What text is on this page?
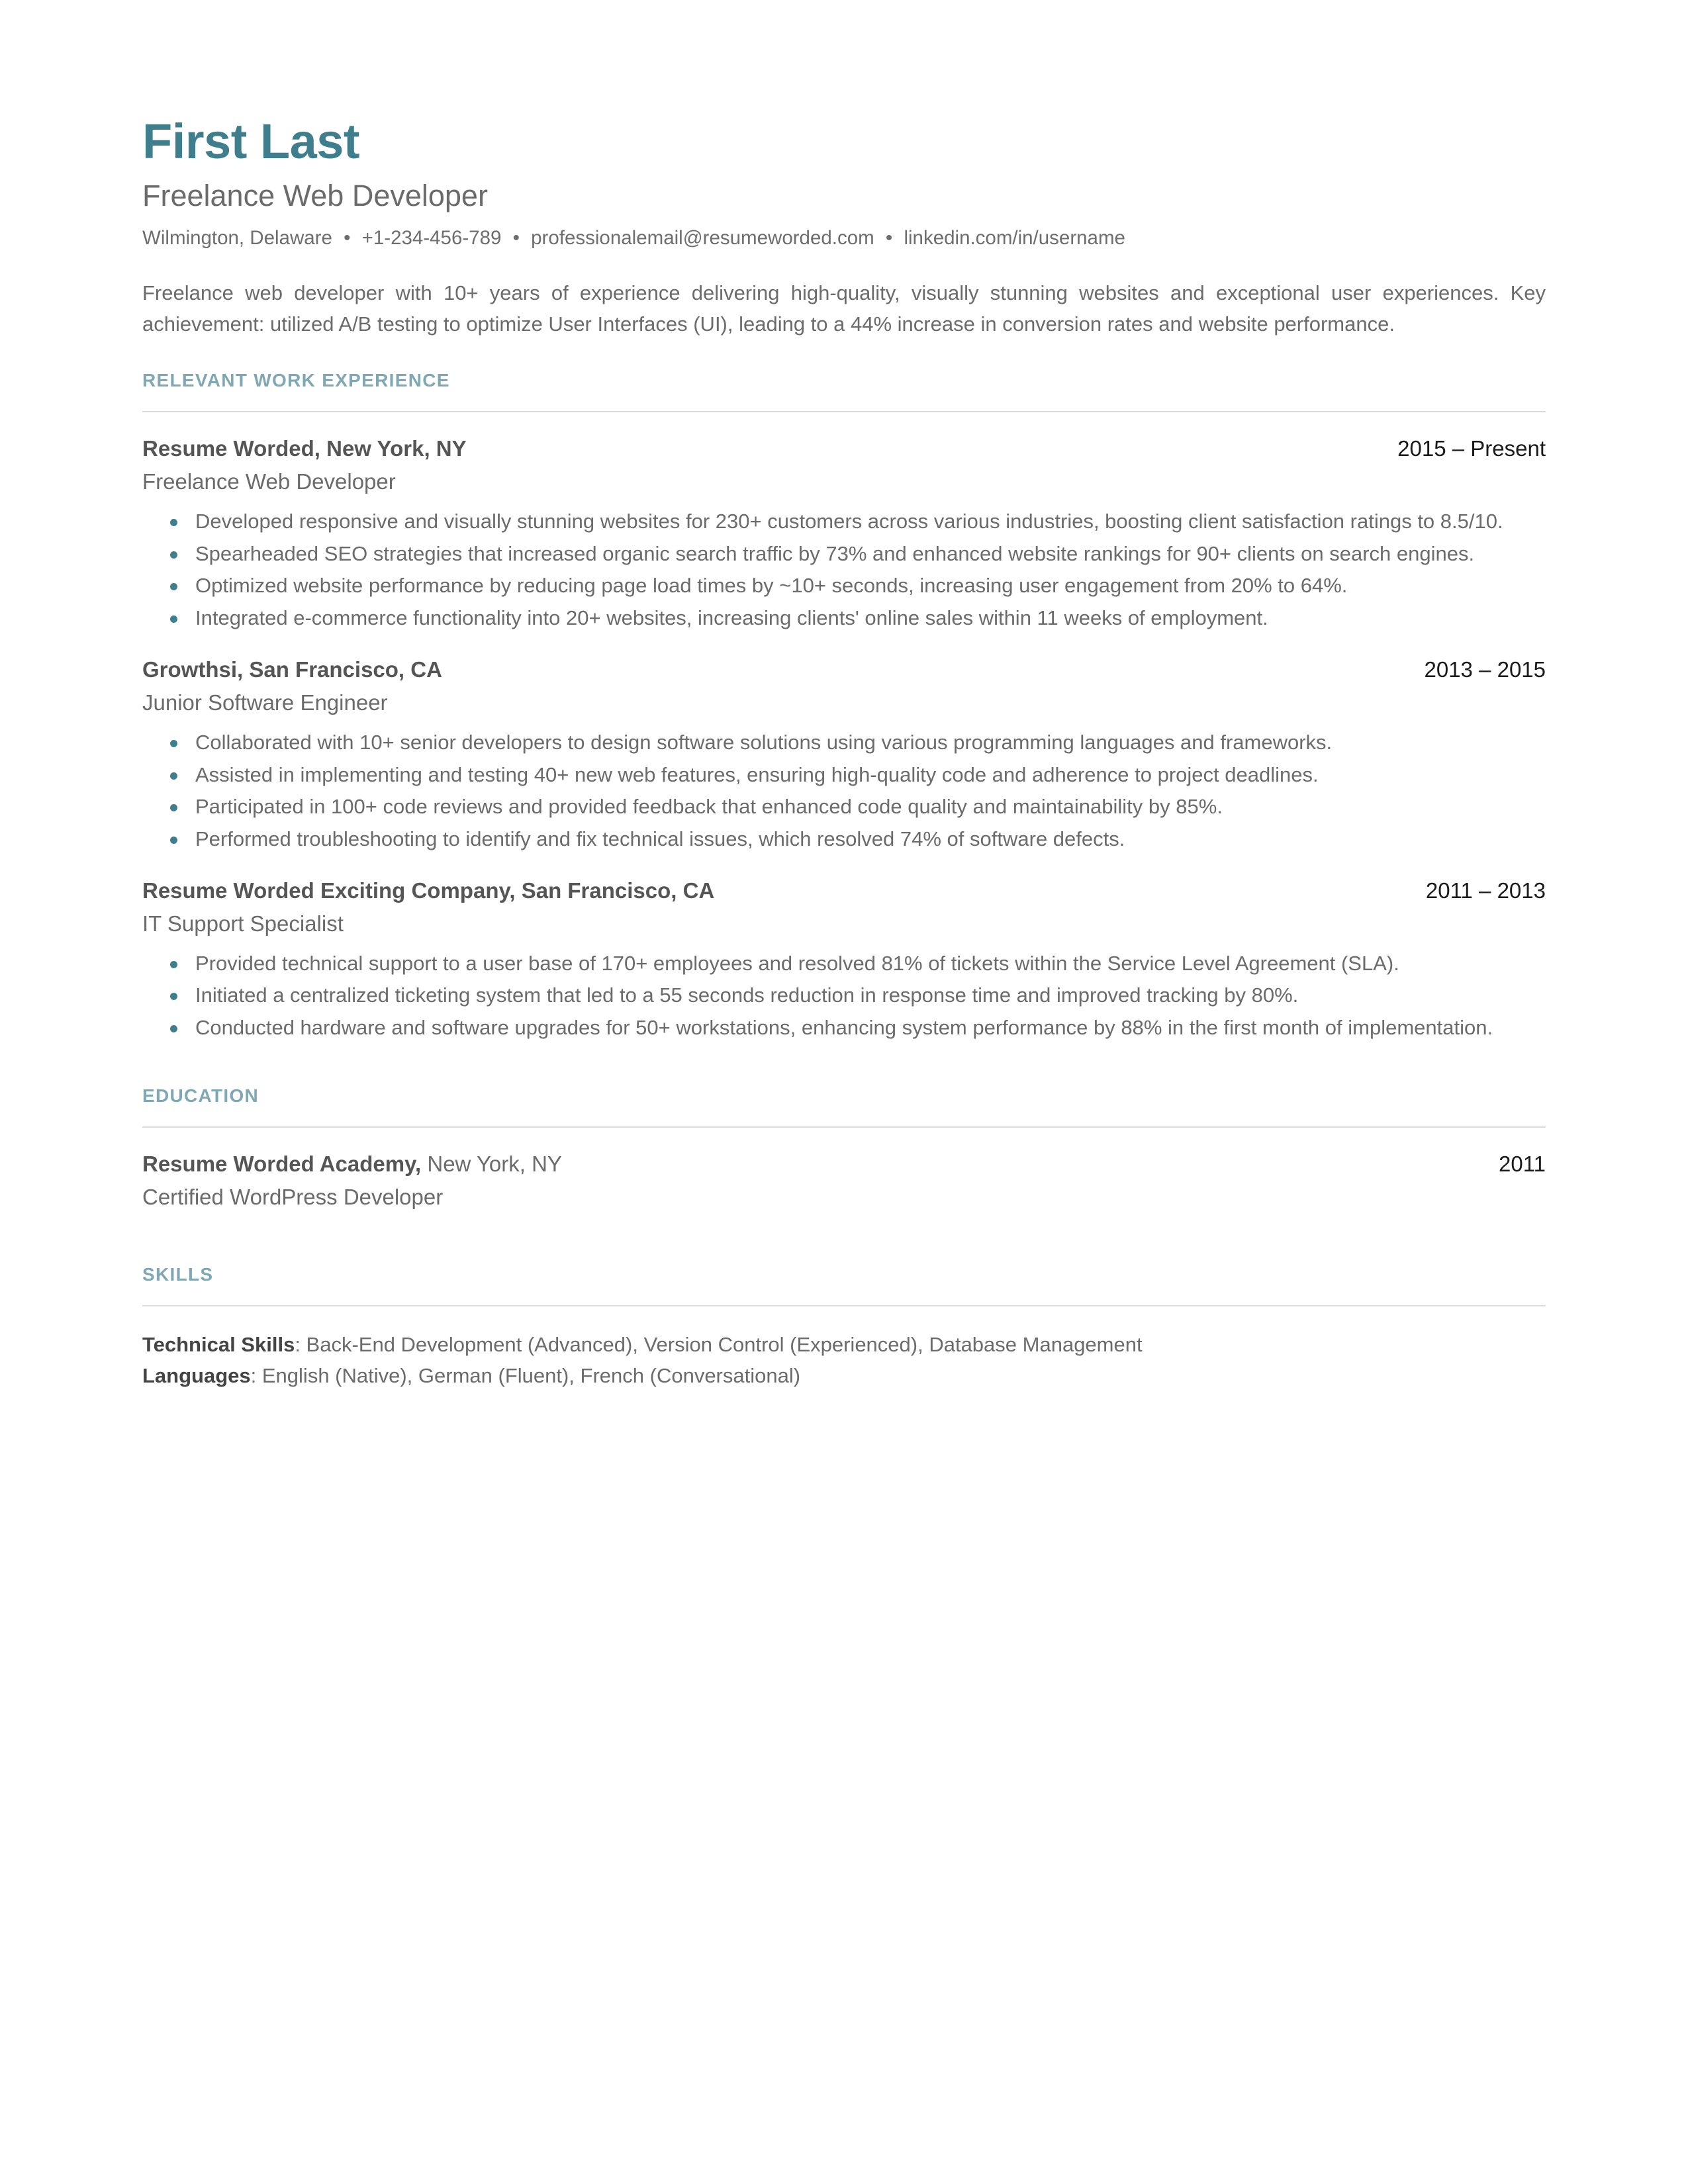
First Last
Freelance Web Developer
Wilmington, Delaware • +1-234-456-789 • professionalemail@resumeworded.com • linkedin.com/in/username

Freelance web developer with 10+ years of experience delivering high-quality, visually stunning websites and exceptional user experiences. Key achievement: utilized A/B testing to optimize User Interfaces (UI), leading to a 44% increase in conversion rates and website performance.

RELEVANT WORK EXPERIENCE
Resume Worded, New York, NY	2015 – Present
Freelance Web Developer
Developed responsive and visually stunning websites for 230+ customers across various industries, boosting client satisfaction ratings to 8.5/10.
Spearheaded SEO strategies that increased organic search traffic by 73% and enhanced website rankings for 90+ clients on search engines.
Optimized website performance by reducing page load times by ~10+ seconds, increasing user engagement from 20% to 64%.
Integrated e-commerce functionality into 20+ websites, increasing clients' online sales within 11 weeks of employment.
Growthsi, San Francisco, CA	2013 – 2015
Junior Software Engineer
Collaborated with 10+ senior developers to design software solutions using various programming languages and frameworks.
Assisted in implementing and testing 40+ new web features, ensuring high-quality code and adherence to project deadlines.
Participated in 100+ code reviews and provided feedback that enhanced code quality and maintainability by 85%.
Performed troubleshooting to identify and fix technical issues, which resolved 74% of software defects.
Resume Worded Exciting Company, San Francisco, CA	2011 – 2013
IT Support Specialist
Provided technical support to a user base of 170+ employees and resolved 81% of tickets within the Service Level Agreement (SLA).
Initiated a centralized ticketing system that led to a 55 seconds reduction in response time and improved tracking by 80%.
Conducted hardware and software upgrades for 50+ workstations, enhancing system performance by 88% in the first month of implementation.
EDUCATION
Resume Worded Academy, New York, NY	2011
Certified WordPress Developer
SKILLS
Technical Skills: Back-End Development (Advanced), Version Control (Experienced), Database Management
Languages: English (Native), German (Fluent), French (Conversational)
